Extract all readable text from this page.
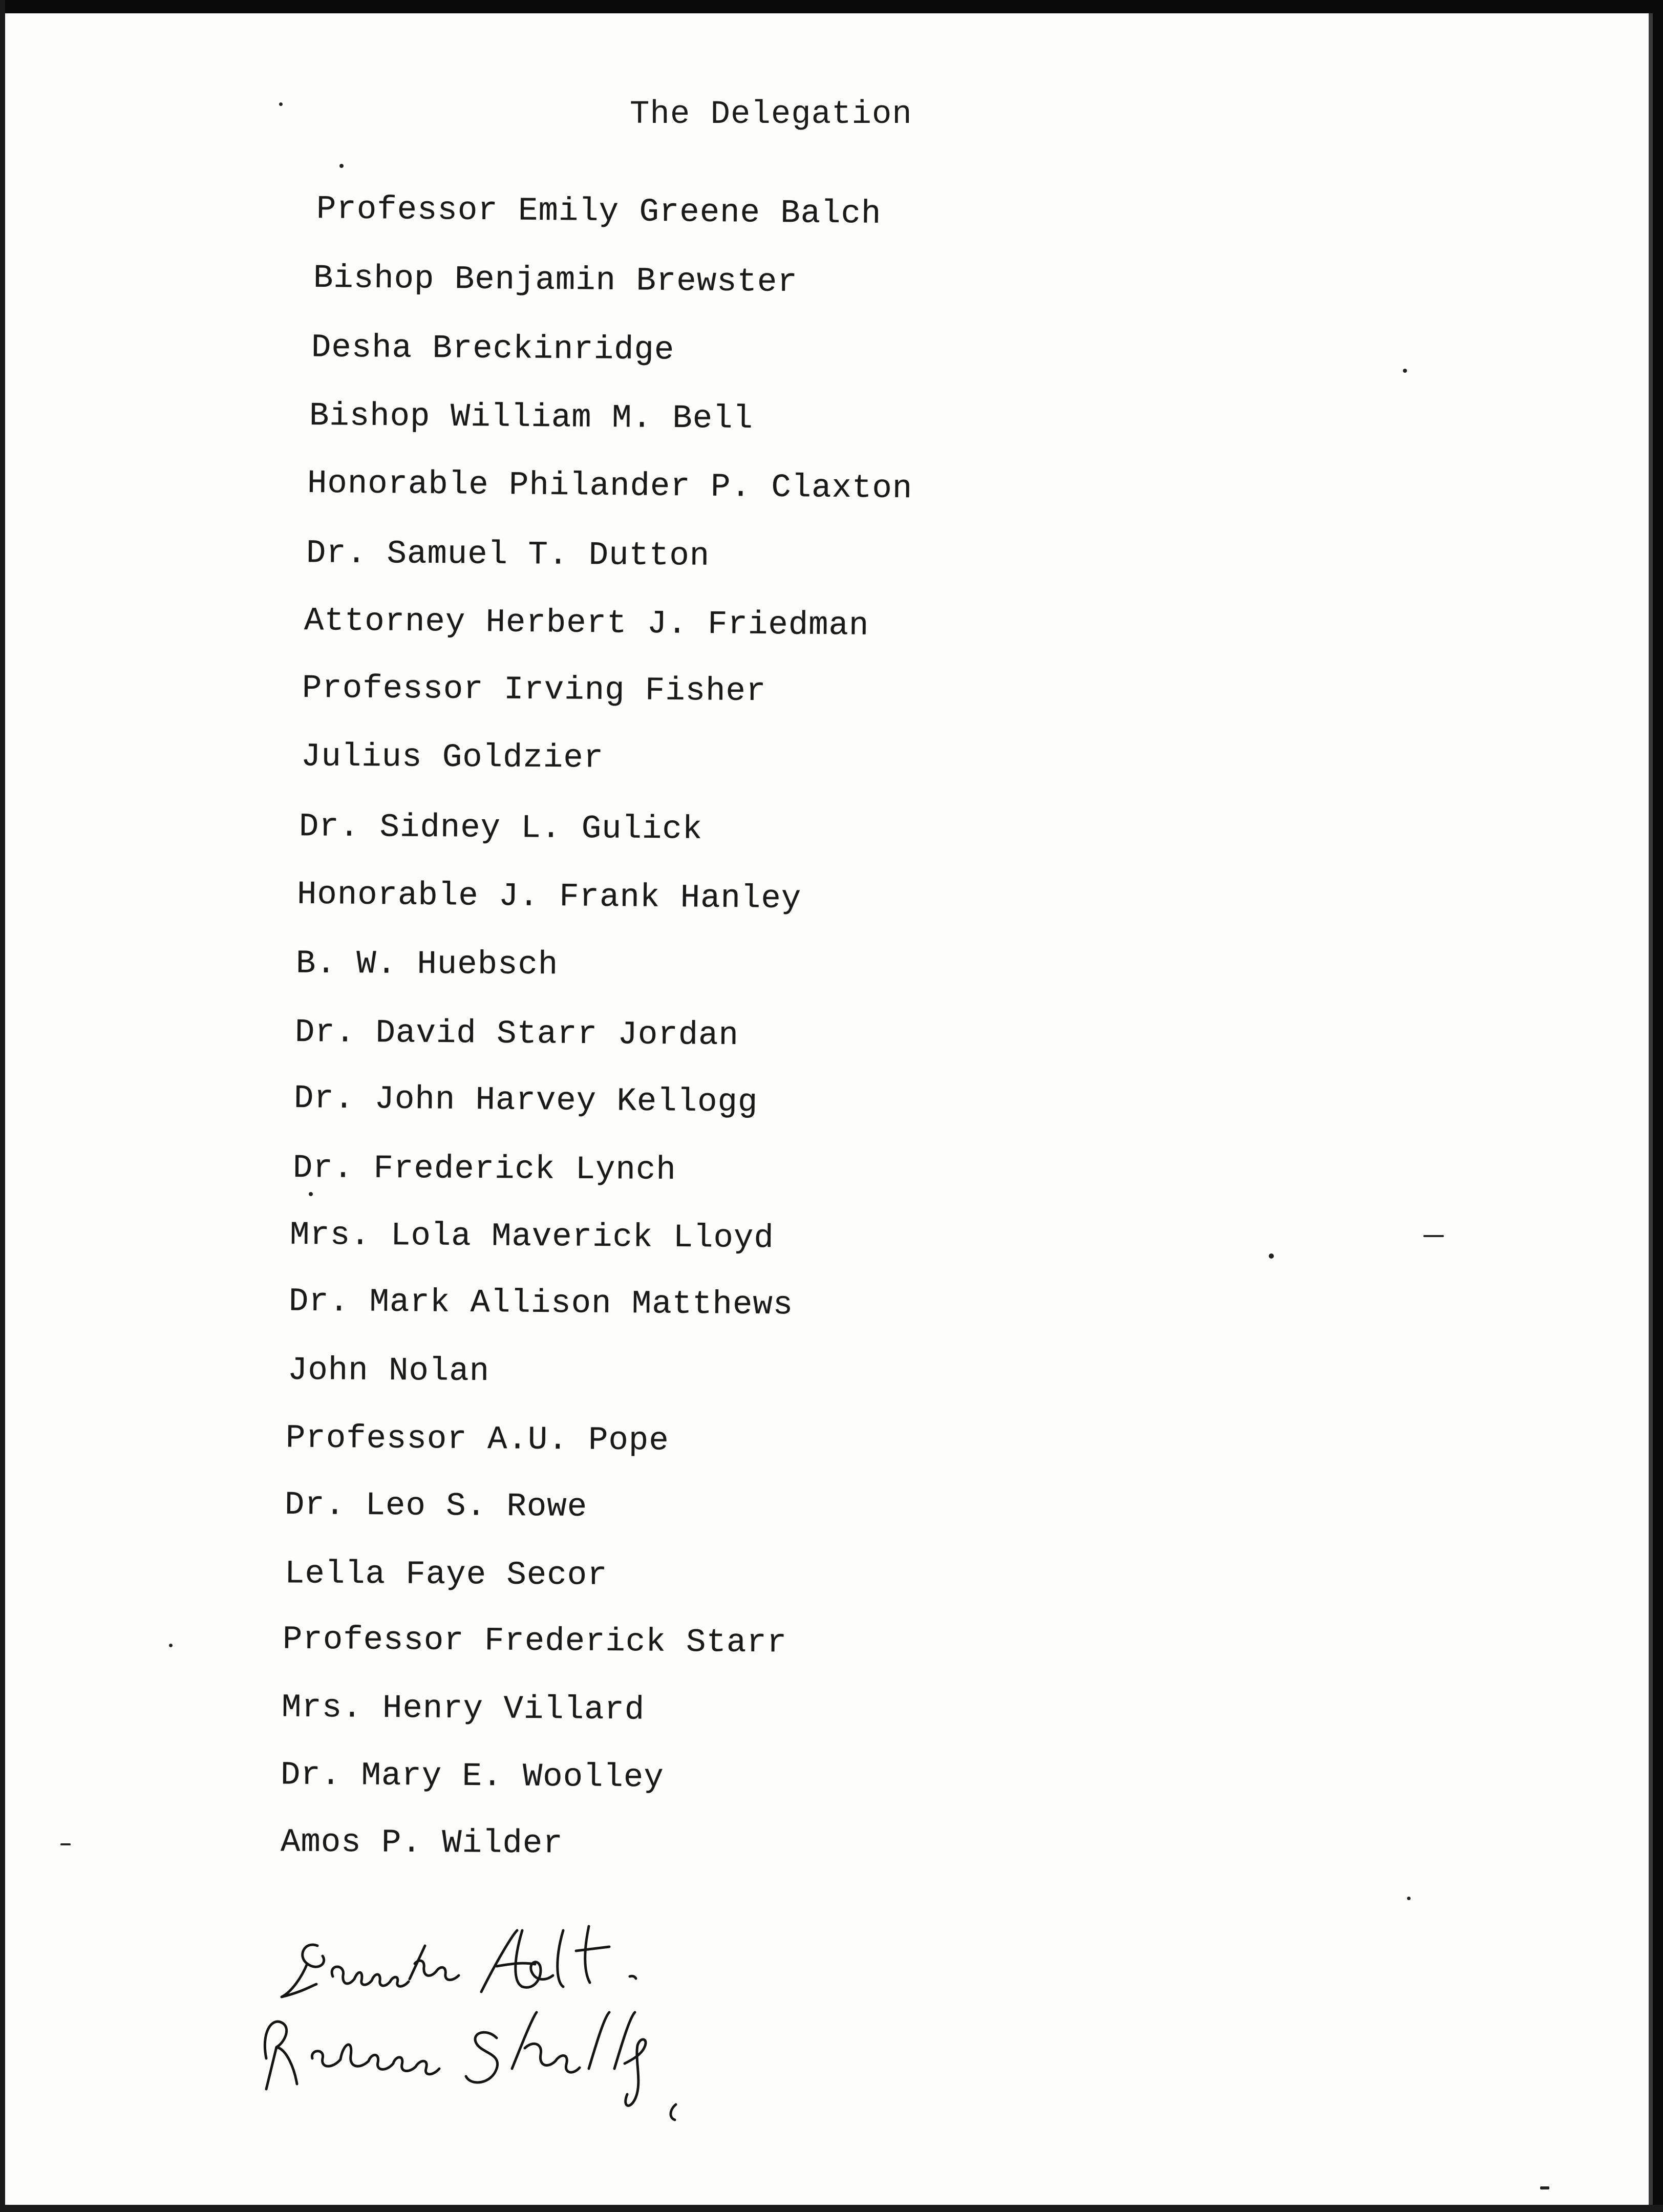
The Delegation
Professor Emily Greene Balch
Bishop Benjamin Brewster
Desha Breckinridge
Bishop William M. Bell
Honorable Philander P. Claxton
Dr. Samuel T. Dutton
Attorney Herbert J. Friedman
Professor Irving Fisher
Julius Goldzier
Dr. Sidney L. Gulick
Honorable J. Frank Hanley
B. W. Huebsch
Dr. David Starr Jordan
Dr. John Harvey Kellogg
Dr. Frederick Lynch
Mrs. Lola Maverick Lloyd
Dr. Mark Allison Matthews
John Nolan
Professor A.U. Pope
Dr. Leo S. Rowe
Lella Faye Secor
Professor Frederick Starr
Mrs. Henry Villard
Dr. Mary E. Woolley
Amos P. Wilder
